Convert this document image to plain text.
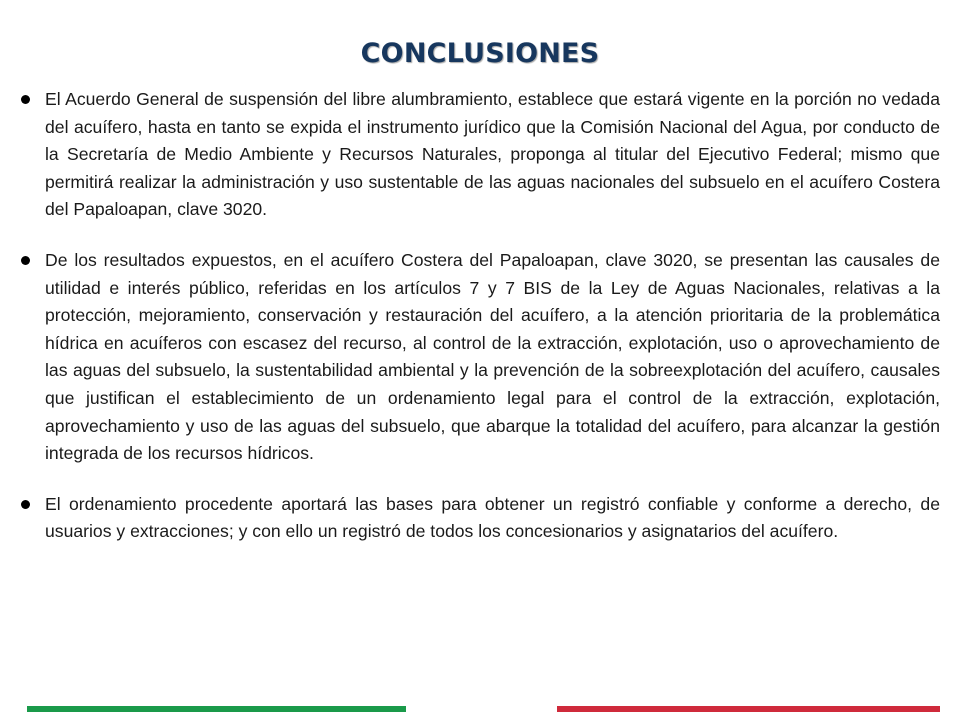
CONCLUSIONES
El Acuerdo General de suspensión del libre alumbramiento, establece que estará vigente en la porción no vedada del acuífero, hasta en tanto se expida el instrumento jurídico que la Comisión Nacional del Agua, por conducto de la Secretaría de Medio Ambiente y Recursos Naturales, proponga al titular del Ejecutivo Federal; mismo que permitirá realizar la administración y uso sustentable de las aguas nacionales del subsuelo en el acuífero Costera del Papaloapan, clave 3020.
De los resultados expuestos, en el acuífero Costera del Papaloapan, clave 3020, se presentan las causales de utilidad e interés público, referidas en los artículos 7 y 7 BIS de la Ley de Aguas Nacionales, relativas a la protección, mejoramiento, conservación y restauración del acuífero, a la atención prioritaria de la problemática hídrica en acuíferos con escasez del recurso, al control de la extracción, explotación, uso o aprovechamiento de las aguas del subsuelo, la sustentabilidad ambiental y la prevención de la sobreexplotación del acuífero, causales que justifican el establecimiento de un ordenamiento legal para el control de la extracción, explotación, aprovechamiento y uso de las aguas del subsuelo, que abarque la totalidad del acuífero, para alcanzar la gestión integrada de los recursos hídricos.
El ordenamiento procedente aportará las bases para obtener un registró confiable y conforme a derecho, de usuarios y extracciones; y con ello un registró de todos los concesionarios y asignatarios del acuífero.
